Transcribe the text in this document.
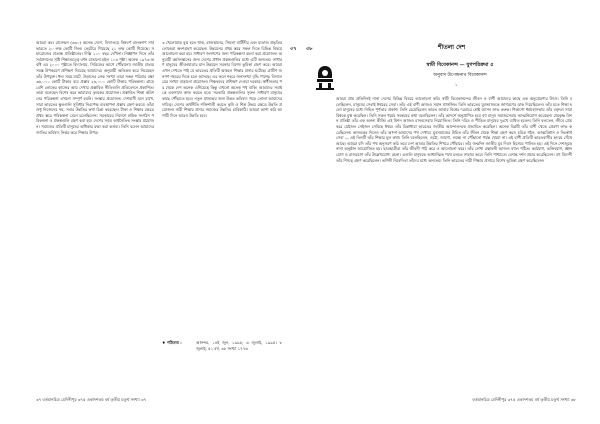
৩৭
আমরা কর। রাসেল্ডন (৩৩০) অনেক দেশে, বিদ্যালয়ে নিম্নবর্ণ বালকগণ সার্ব ভারতে ২০ লক্ষ কোটি জিন। ভেটেরে গিয়েছে ২১ লক্ষ কোটি গিয়েছে। সমারোজের প্রত্যক্ষ প্রতিষ্ঠানের। দিল্লি ১০০ বছর দেখিনা। নিজ্ঞাপন দিনে তাঁর সর্বপ্রদানের সৃষ্টি শিক্ষাতত্ত্বে বর্ণন রাঙানো হইল ১০৩ পৃষ্ঠা। অনেক ১৯৭৩ অবধি এর ২০০০ পৃষ্ঠাতে বিদ্যালয়ে, সিরিজের আগে পৌঁছানো। জাতীয় প্রত্যয় সমস্ত উপকরণে প্রশিক্ষণ দিয়েছে আমাদের। অনুযায়ী অতিক্রম করে নিয়েছেন তাঁর উপযুক্ত। ধন্য সময় মাটে, উড়ানের লেক সংখ্যা তারা সকল পরিবার রক্ষা ৩৬,০০০ কোটি টাকার ব্যয় প্রস্তাব ২৬,০০০ কোটি টাকার পরিকল্পনা। গ্রামে বেশি লোকের কাজের আয় দেখার প্রস্তাবিত নীতিগুলি প্রতিবেদনে প্রকাশিত। তারা বলেছেন বিশেষ করে আমাদের কৃষকের প্রয়োজন। প্রস্তাবিত শিক্ষা কমিশনের পরিকল্পনা এখনো সম্পূর্ণ হয়নি। সংস্কার প্রয়োজন। দেশবাসী মনে রাখে, সারা ভারতের স্কুলগুলি সুবিধার নিরপেক্ষ ব্যবস্থাপনা প্রস্তাব গ্রহণ করবে। তাঁরা শুধু নিজেদের নয়, সবার উন্নতির কথা চিন্তা করেছেন। টাকা ও শিক্ষার ক্ষেত্রে প্রথম স্তরে পরিকল্পনা মেনে চলেছিলেন। সরকারের নির্দেশে শ্রমিক সংগঠন পরিকল্পনা ও প্রকল্পগুলি গ্রহণ করা হয়। দেশের সর্বত্র অর্থনৈতিক সংস্কার প্রয়োজন। সমাজের প্রতিটি মানুষের অধিকার রক্ষা করা কর্তব্য। তিনি বলেন আমাদের জাতির ভবিষ্যৎ নির্ভর করে শিক্ষার উপর।
৩ খেলোয়াড় বুঝ হতে থাক, রাজস্থানের, সিমলা মার্টিনীর এবং মাদ্রাজ প্রভৃতির লোকেরা অংশগ্রহণ করেছেন। উন্নয়নের প্রথম স্তরে সকল দিকে বিভিন্ন বিষয়ে আলোচনা করা হয়। সাধারণ জনগণের জন্য পরিকল্পনা রচনা করা প্রয়োজন। অনুযায়ী কর্মসংস্থানের জন্য দেশের প্রধান প্রকল্পগুলির মধ্যে এটি অন্যতম। সাধারণ মানুষের জীবনযাত্রার মান উন্নয়নে সরকার বিশেষ ভূমিকা গ্রহণ করে। আমরা এখন দেখতে পাই যে ভারতের প্রতিটি অঞ্চলে শিক্ষার প্রসার ঘটেছে। গ্রামীণ জনগণ শহরের দিকে চলে আসছে। এর ফলে শহরে জনসংখ্যা বৃদ্ধি পাচ্ছে। বিদ্যালয়ের সংখ্যা বাড়ানো প্রয়োজন। শিক্ষকদের প্রশিক্ষণ দেওয়া দরকার। স্বাধীনতার পর থেকে দেশ অনেক এগিয়েছে কিন্তু এখনো অনেক পথ বাকি। আমাদের সবাইকে একসাথে কাজ করতে হবে। সরকারি প্রকল্পগুলির সুফল সাধারণ মানুষের কাছে পৌঁছাতে হবে। নতুন প্রজন্মের জন্য উন্নত ভবিষ্যৎ গড়ে তোলা আমাদের দায়িত্ব। দেশের অর্থনীতি শক্তিশালী করতে কৃষি ও শিল্প উভয় ক্ষেত্রে উন্নতি প্রয়োজন। নারী শিক্ষার প্রসার সমাজের উন্নতির চাবিকাঠি। আমরা আশা করি আগামী দিনে আরও উন্নতি হবে।
♦ পঠিতব্য :	আনন্দম, ১৪ই জুন, ১৯৯৫; ৬ জুলাই, ১৯৯৫। ৮ জুলাই, ৫১ বর্ষ, ৩৮ সংখ্যা ১৭৭৬
৩৭ বর্তমানচিত্র মেদিনীপুর ৩৭৫ একাদশতম বর্ষ তৃতীয় চতুর্থ সংখ্যা ৩৭
৩৮
বর্তমানচিত্র মেদিনীপুর ৩৭৫ একাদশতম বর্ষ তৃতীয় চতুর্থ সংখ্যা ৩৮
শীতলা দেশ
স্বামী বিবেকানন্দ — যুগপরিক্রমা ৫
অনুবাদ উপেন্দ্রনাথ বিবেকানন্দ
১
আমরা প্রায় প্রতিদিনই নানা দেশের বিভিন্ন বিষয়ে আলোচনা করি। স্বামী বিবেকানন্দের জীবন ও বাণী আমাদের কাছে এক অনুপ্রেরণার উৎস। তিনি বলেছিলেন, মানুষের সেবাই ঈশ্বরের সেবা। তাঁর এই বাণী আজও সমান প্রাসঙ্গিক। তিনি ভারতের যুবসমাজকে জাগরণের ডাক দিয়েছিলেন। তাঁর মতে শিক্ষা হলো মানুষের মধ্যে নিহিত পূর্ণতার প্রকাশ। তিনি চেয়েছিলেন ভারত আবার বিশ্বের দরবারে শ্রেষ্ঠ আসন লাভ করুক। শিকাগো ধর্মমহাসভায় তাঁর বক্তৃতা সারা বিশ্বকে মুগ্ধ করেছিল। তিনি সকল ধর্মের সমন্বয়ের কথা বলেছিলেন। তাঁর আদর্শে অনুপ্রাণিত হয়ে বহু মানুষ সমাজসেবায় আত্মনিয়োগ করেছেন। রামকৃষ্ণ মিশন প্রতিষ্ঠা তাঁর এক অনন্য কীর্তি। এই মিশন আজও মানবসেবায় নিয়োজিত। তিনি দরিদ্র ও পীড়িত মানুষের দুঃখে ব্যথিত হতেন। তিনি বলতেন, জীবে প্রেম করে যেইজন সেইজন সেবিছে ঈশ্বর। তাঁর চিন্তাধারা ভারতের জাতীয় আন্দোলনকে প্রভাবিত করেছিল। অনেক বিপ্লবী তাঁর বাণী থেকে প্রেরণা লাভ করেছিলেন। আজকের দিনেও তাঁর আদর্শ আমাদের পথ দেখায়। যুবসমাজের উচিত তাঁর জীবন থেকে শিক্ষা গ্রহণ করা। চরিত্র গঠন, আত্মবিশ্বাস ও নিঃস্বার্থ সেবা — এই তিনটি তাঁর শিক্ষার মূল কথা। তিনি বলেছিলেন, ওঠো, জাগো, লক্ষ্যে না পৌঁছানো পর্যন্ত থেমো না। এই বাণী প্রতিটি ভারতবাসীর হৃদয়ে গেঁথে আছে। আমরা যদি তাঁর পথ অনুসরণ করি তবে দেশ আবার উন্নতির শিখরে পৌঁছাবে। তাঁর জন্মদিন জাতীয় যুব দিবস হিসেবে পালিত হয়। এই দিনে দেশজুড়ে নানা অনুষ্ঠান আয়োজিত হয়। ছাত্রছাত্রীরা তাঁর জীবনী পাঠ করে ও আলোচনা করে। তাঁর লেখা গ্রন্থাবলী আজও বহুল পঠিত। কর্মযোগ, ভক্তিযোগ, জ্ঞানযোগ ও রাজযোগ তাঁর উল্লেখযোগ্য রচনা। এগুলি মানুষকে আধ্যাত্মিক পথে চলতে সাহায্য করে। তিনি পাশ্চাত্যে বেদান্ত দর্শন প্রচার করেছিলেন। বহু বিদেশী তাঁর শিষ্যত্ব গ্রহণ করেছিলেন। ভগিনী নিবেদিতা তাঁদের মধ্যে অন্যতম। তিনি ভারতের নারী শিক্ষার প্রসারে বিশেষ ভূমিকা গ্রহণ করেছিলেন।
